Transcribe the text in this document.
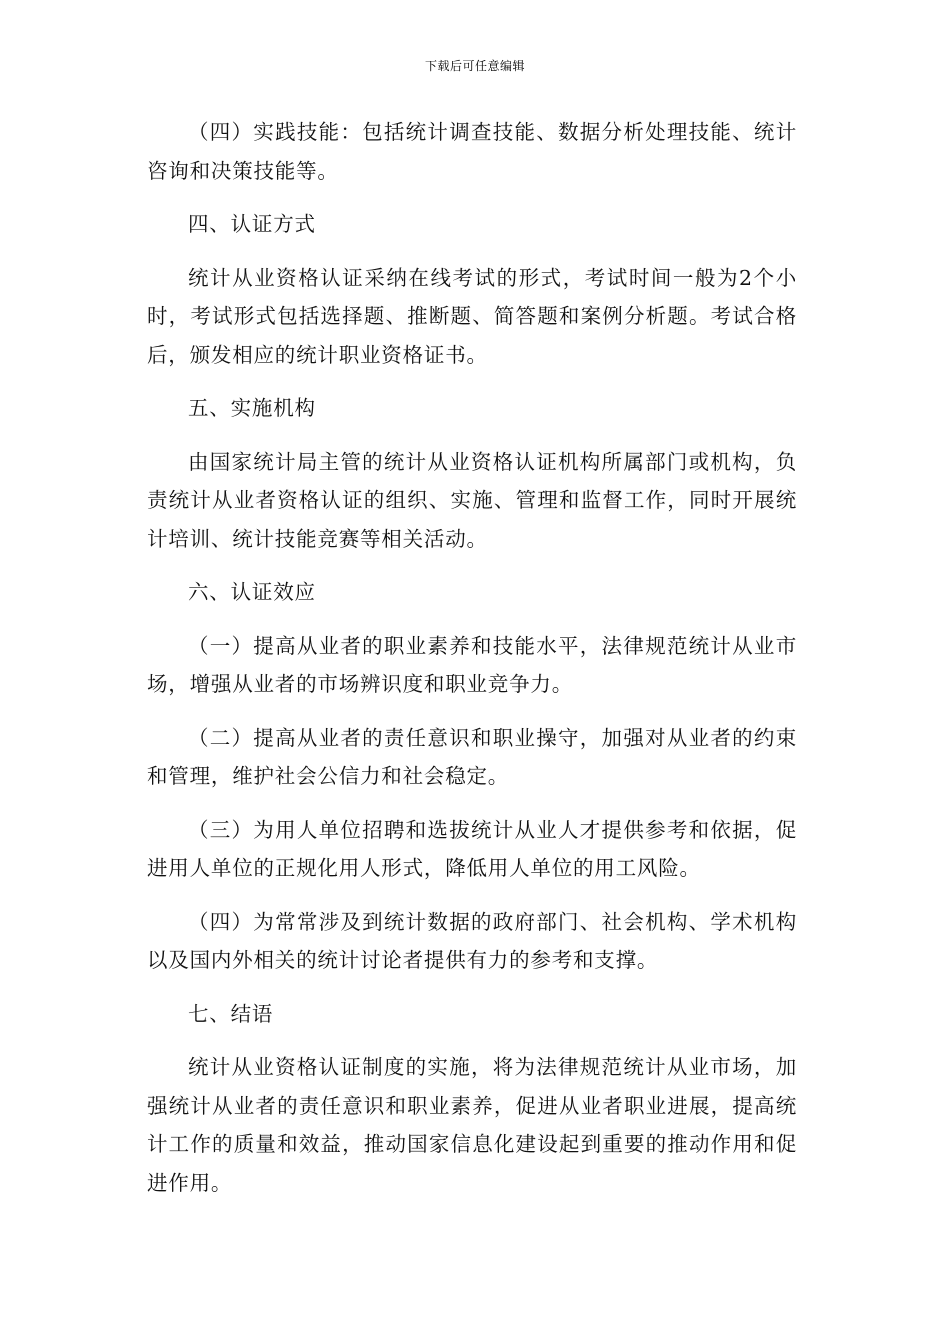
下载后可任意编辑

（四）实践技能：包括统计调查技能、数据分析处理技能、统计咨询和决策技能等。

四、认证方式

统计从业资格认证采纳在线考试的形式，考试时间一般为2个小时，考试形式包括选择题、推断题、简答题和案例分析题。考试合格后，颁发相应的统计职业资格证书。

五、实施机构

由国家统计局主管的统计从业资格认证机构所属部门或机构，负责统计从业者资格认证的组织、实施、管理和监督工作，同时开展统计培训、统计技能竞赛等相关活动。

六、认证效应

（一）提高从业者的职业素养和技能水平，法律规范统计从业市场，增强从业者的市场辨识度和职业竞争力。

（二）提高从业者的责任意识和职业操守，加强对从业者的约束和管理，维护社会公信力和社会稳定。

（三）为用人单位招聘和选拔统计从业人才提供参考和依据，促进用人单位的正规化用人形式，降低用人单位的用工风险。

（四）为常常涉及到统计数据的政府部门、社会机构、学术机构以及国内外相关的统计讨论者提供有力的参考和支撑。

七、结语

统计从业资格认证制度的实施，将为法律规范统计从业市场，加强统计从业者的责任意识和职业素养，促进从业者职业进展，提高统计工作的质量和效益，推动国家信息化建设起到重要的推动作用和促进作用。
